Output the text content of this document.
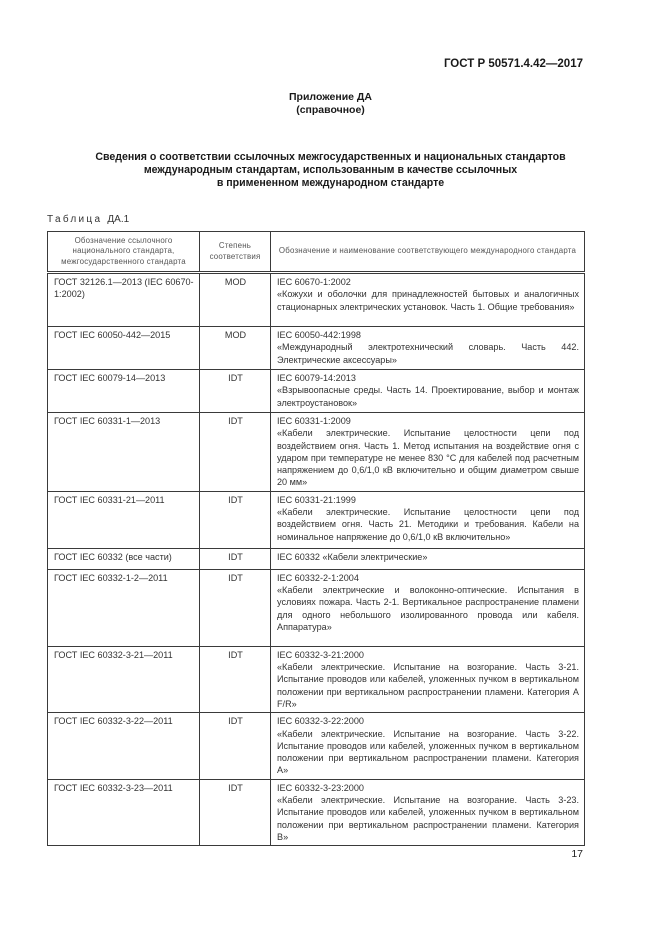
ГОСТ Р 50571.4.42—2017
Приложение ДА
(справочное)
Сведения о соответствии ссылочных межгосударственных и национальных стандартов
международным стандартам, использованным в качестве ссылочных
в примененном международном стандарте
Таблица ДА.1
Обозначение ссылочного национального стандарта, межгосударственного стандарта	Степень соответствия	Обозначение и наименование соответствующего международного стандарта

ГОСТ 32126.1—2013 (IEC 60670-1:2002)	MOD	IEC 60670-1:2002
«Кожухи и оболочки для принадлежностей бытовых и аналогичных стационарных электрических установок. Часть 1. Общие требования»
ГОСТ IEC 60050-442—2015	MOD	IEC 60050-442:1998
«Международный электротехнический словарь. Часть 442. Электрические аксессуары»
ГОСТ IEC 60079-14—2013	IDT	IEC 60079-14:2013
«Взрывоопасные среды. Часть 14. Проектирование, выбор и монтаж электроустановок»
ГОСТ IEC 60331-1—2013	IDT	IEC 60331-1:2009
«Кабели электрические. Испытание целостности цепи под воздействием огня. Часть 1. Метод испытания на воздействие огня с ударом при температуре не менее 830 °С для кабелей под расчетным напряжением до 0,6/1,0 кВ включительно и общим диаметром свыше 20 мм»
ГОСТ IEC 60331-21—2011	IDT	IEC 60331-21:1999
«Кабели электрические. Испытание целостности цепи под воздействием огня. Часть 21. Методики и требования. Кабели на номинальное напряжение до 0,6/1,0 кВ включительно»
ГОСТ IEC 60332 (все части)	IDT	IEC 60332 «Кабели электрические»
ГОСТ IEC 60332-1-2—2011	IDT	IEC 60332-2-1:2004
«Кабели электрические и волоконно-оптические. Испытания в условиях пожара. Часть 2-1. Вертикальное распространение пламени для одного небольшого изолированного провода или кабеля. Аппаратура»
ГОСТ IEC 60332-3-21—2011	IDT	IEC 60332-3-21:2000
«Кабели электрические. Испытание на возгорание. Часть 3-21. Испытание проводов или кабелей, уложенных пучком в вертикальном положении при вертикальном распространении пламени. Категория A F/R»
ГОСТ IEC 60332-3-22—2011	IDT	IEC 60332-3-22:2000
«Кабели электрические. Испытание на возгорание. Часть 3-22. Испытание проводов или кабелей, уложенных пучком в вертикальном положении при вертикальном распространении пламени. Категория А»
ГОСТ IEC 60332-3-23—2011	IDT	IEC 60332-3-23:2000
«Кабели электрические. Испытание на возгорание. Часть 3-23. Испытание проводов или кабелей, уложенных пучком в вертикальном положении при вертикальном распространении пламени. Категория В»
17
